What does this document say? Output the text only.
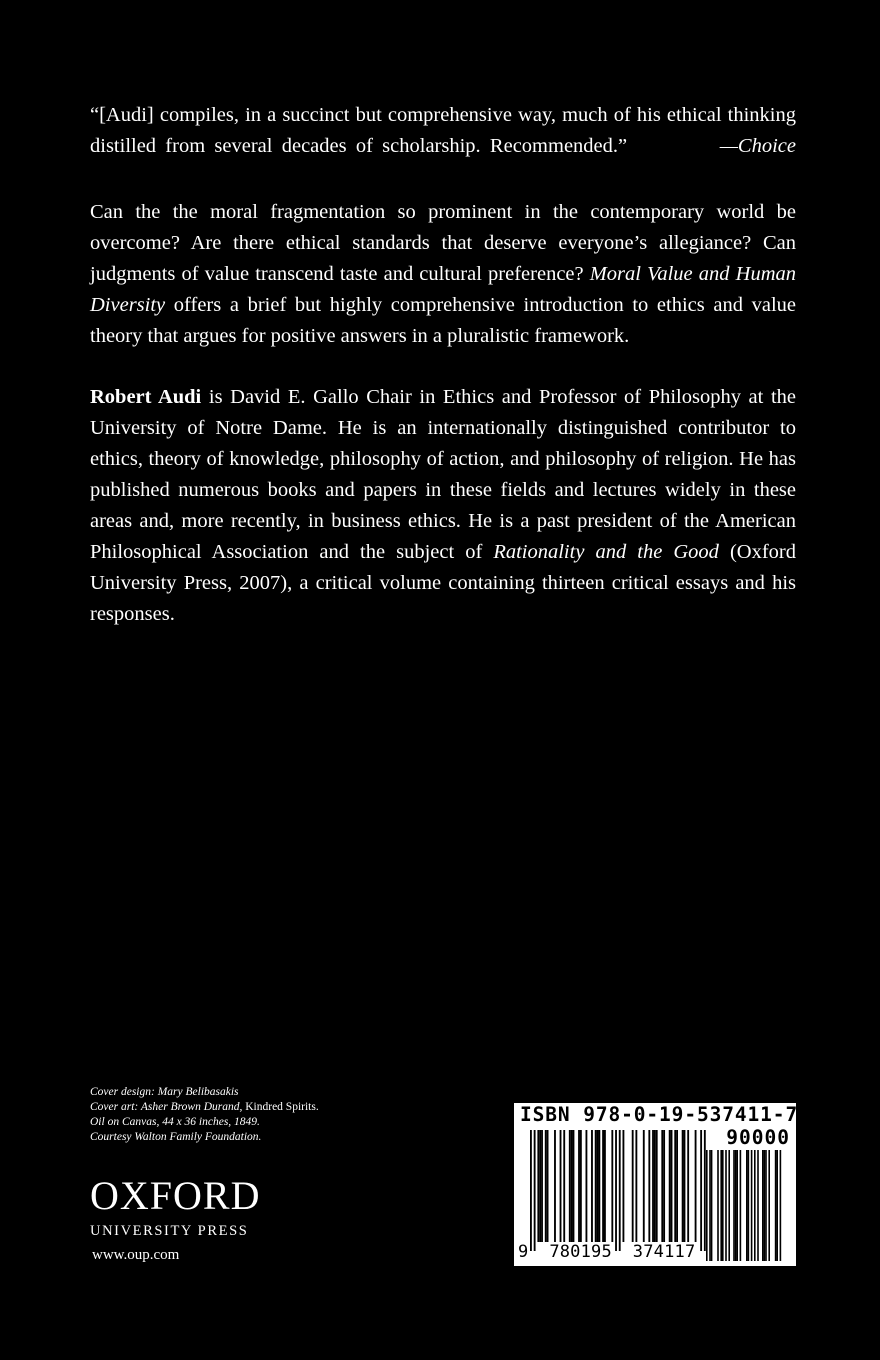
“[Audi] compiles, in a succinct but comprehensive way, much of his ethical thinking distilled from several decades of scholarship. Recommended.”	—Choice

Can the the moral fragmentation so prominent in the contemporary world be overcome? Are there ethical standards that deserve everyone’s allegiance? Can judgments of value transcend taste and cultural preference? Moral Value and Human Diversity offers a brief but highly comprehensive introduction to ethics and value theory that argues for positive answers in a pluralistic framework.

Robert Audi is David E. Gallo Chair in Ethics and Professor of Philosophy at the University of Notre Dame. He is an internationally distinguished contributor to ethics, theory of knowledge, philosophy of action, and philosophy of religion. He has published numerous books and papers in these fields and lectures widely in these areas and, more recently, in business ethics. He is a past president of the American Philosophical Association and the subject of Rationality and the Good (Oxford University Press, 2007), a critical volume containing thirteen critical essays and his responses.

Cover design: Mary Belibasakis
Cover art: Asher Brown Durand, Kindred Spirits.
Oil on Canvas, 44 x 36 inches, 1849.
Courtesy Walton Family Foundation.
OXFORD
UNIVERSITY PRESS
www.oup.com
ISBN 978-0-19-537411-7
90000
9 780195 374117
